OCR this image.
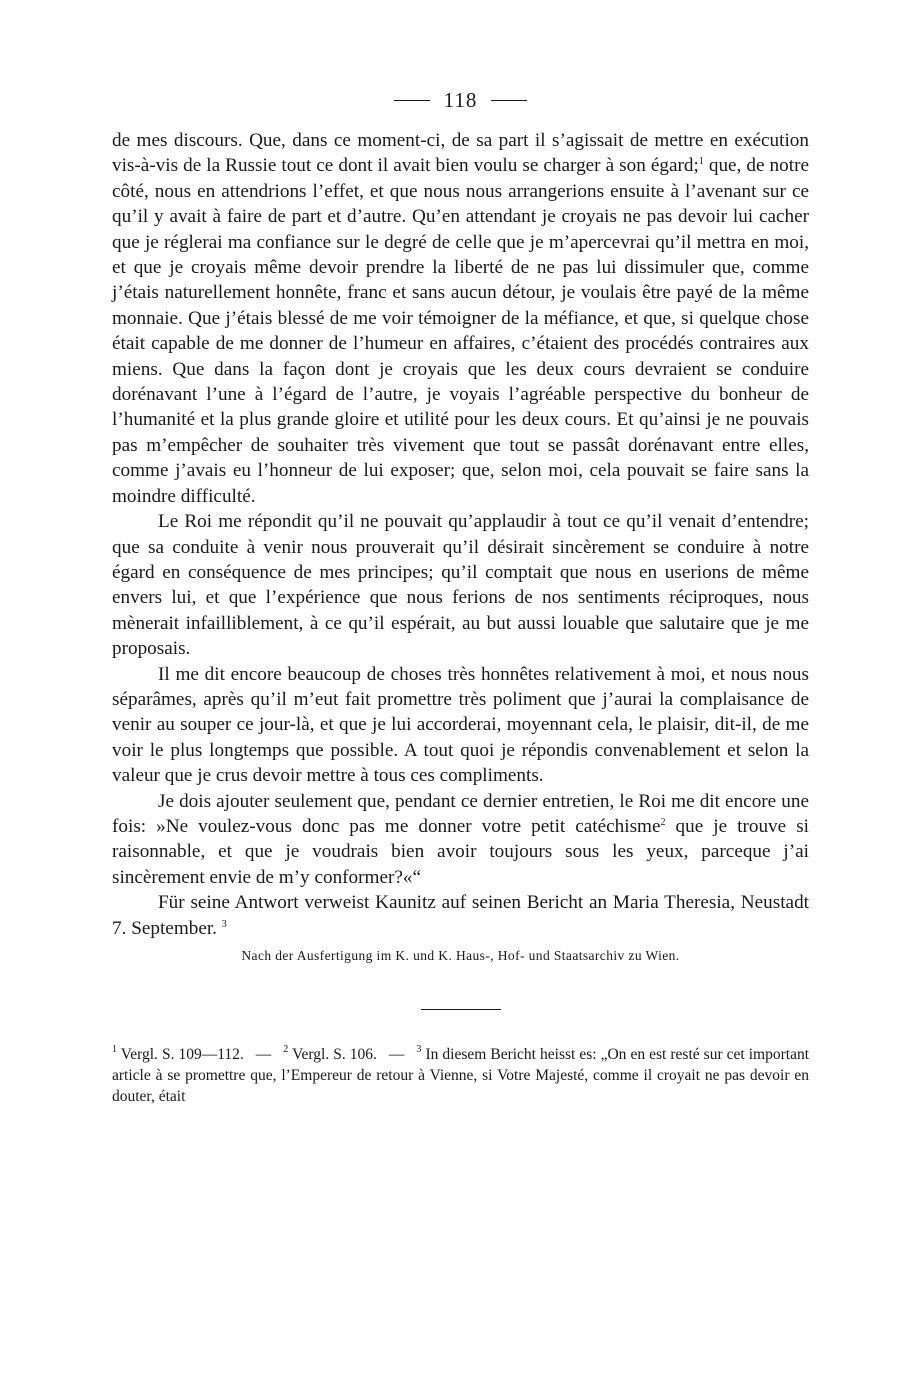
118

de mes discours. Que, dans ce moment-ci, de sa part il s’agissait de mettre en exécution vis-à-vis de la Russie tout ce dont il avait bien voulu se charger à son égard;$^1$ que, de notre côté, nous en attendrions l’effet, et que nous nous arrangerions ensuite à l’avenant sur ce qu’il y avait à faire de part et d’autre. Qu’en attendant je croyais ne pas devoir lui cacher que je réglerai ma confiance sur le degré de celle que je m’apercevrai qu’il mettra en moi, et que je croyais même devoir prendre la liberté de ne pas lui dissimuler que, comme j’étais naturellement honnête, franc et sans aucun détour, je voulais être payé de la même monnaie. Que j’étais blessé de me voir témoigner de la méfiance, et que, si quelque chose était capable de me donner de l’humeur en affaires, c’étaient des procédés contraires aux miens. Que dans la façon dont je croyais que les deux cours devraient se conduire dorénavant l’une à l’égard de l’autre, je voyais l’agréable perspective du bonheur de l’humanité et la plus grande gloire et utilité pour les deux cours. Et qu’ainsi je ne pouvais pas m’empêcher de souhaiter très vivement que tout se passât dorénavant entre elles, comme j’avais eu l’honneur de lui exposer; que, selon moi, cela pouvait se faire sans la moindre difficulté.

Le Roi me répondit qu’il ne pouvait qu’applaudir à tout ce qu’il venait d’entendre; que sa conduite à venir nous prouverait qu’il désirait sincèrement se conduire à notre égard en conséquence de mes principes; qu’il comptait que nous en userions de même envers lui, et que l’expérience que nous ferions de nos sentiments réciproques, nous mènerait infailliblement, à ce qu’il espérait, au but aussi louable que salutaire que je me proposais.

Il me dit encore beaucoup de choses très honnêtes relativement à moi, et nous nous séparâmes, après qu’il m’eut fait promettre très poliment que j’aurai la complaisance de venir au souper ce jour-là, et que je lui accorderai, moyennant cela, le plaisir, dit-il, de me voir le plus longtemps que possible. A tout quoi je répondis convenablement et selon la valeur que je crus devoir mettre à tous ces compliments.

Je dois ajouter seulement que, pendant ce dernier entretien, le Roi me dit encore une fois: »Ne voulez-vous donc pas me donner votre petit catéchisme$^2$ que je trouve si raisonnable, et que je voudrais bien avoir toujours sous les yeux, parceque j’ai sincèrement envie de m’y conformer?«“

Für seine Antwort verweist Kaunitz auf seinen Bericht an Maria Theresia, Neustadt 7. September. $^3$

Nach der Ausfertigung im K. und K. Haus-, Hof- und Staatsarchiv zu Wien.
$^1$ Vergl. S. 109—112. — $^2$ Vergl. S. 106. — $^3$ In diesem Bericht heisst es: „On en est resté sur cet important article à se promettre que, l’Empereur de retour à Vienne, si Votre Majesté, comme il croyait ne pas devoir en douter, était
